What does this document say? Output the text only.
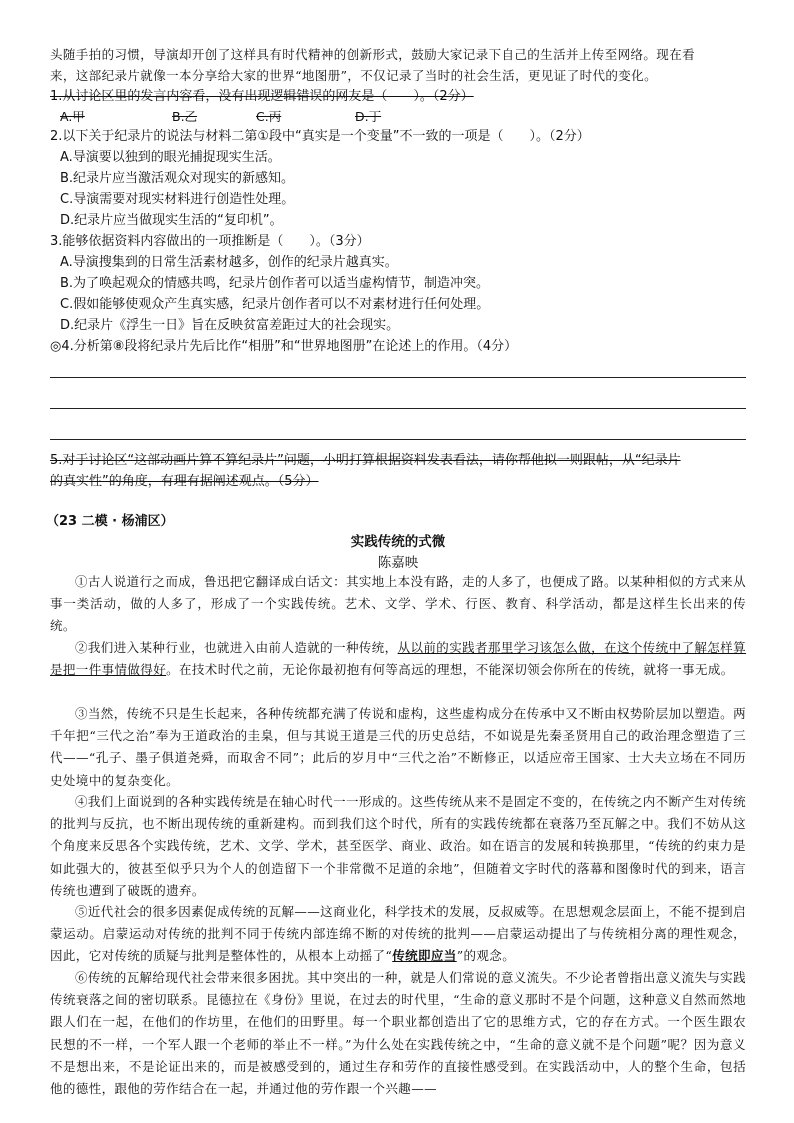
头随手拍的习惯，导演却开创了这样具有时代精神的创新形式，鼓励大家记录下自己的生活并上传至网络。现在看
来，这部纪录片就像一本分享给大家的世界“地图册”，不仅记录了当时的社会生活，更见证了时代的变化。
1.从讨论区里的发言内容看，没有出现逻辑错误的网友是（　　）。（2分）
A.甲	B.乙	C.丙	D.丁
2.以下关于纪录片的说法与材料二第①段中“真实是一个变量”不一致的一项是（　　）。（2分）
A.导演要以独到的眼光捕捉现实生活。
B.纪录片应当激活观众对现实的新感知。
C.导演需要对现实材料进行创造性处理。
D.纪录片应当做现实生活的“复印机”。
3.能够依据资料内容做出的一项推断是（　　）。（3分）
A.导演搜集到的日常生活素材越多，创作的纪录片越真实。
B.为了唤起观众的情感共鸣，纪录片创作者可以适当虚构情节，制造冲突。
C.假如能够使观众产生真实感，纪录片创作者可以不对素材进行任何处理。
D.纪录片《浮生一日》旨在反映贫富差距过大的社会现实。
◎4.分析第⑧段将纪录片先后比作“相册”和“世界地图册”在论述上的作用。（4分）
5.对于讨论区“这部动画片算不算纪录片”问题，小明打算根据资料发表看法，请你帮他拟一则跟帖，从“纪录片
的真实性”的角度，有理有据阐述观点。（5分）
（23 二模 · 杨浦区）
实践传统的式微
陈嘉映
①古人说道行之而成，鲁迅把它翻译成白话文：其实地上本没有路，走的人多了，也便成了路。以某种相似的方式来从事一类活动，做的人多了，形成了一个实践传统。艺术、文学、学术、行医、教育、科学活动，都是这样生长出来的传统。
②我们进入某种行业，也就进入由前人造就的一种传统，从以前的实践者那里学习该怎么做，在这个传统中了解怎样算是把一件事情做得好。在技术时代之前，无论你最初抱有何等高远的理想，不能深切领会你所在的传统，就将一事无成。
③当然，传统不只是生长起来，各种传统都充满了传说和虚构，这些虚构成分在传承中又不断由权势阶层加以塑造。两千年把“三代之治”奉为王道政治的圭臬，但与其说王道是三代的历史总结，不如说是先秦圣贤用自己的政治理念塑造了三代——“孔子、墨子俱道尧舜，而取舍不同”；此后的岁月中“三代之治”不断修正，以适应帝王国家、士大夫立场在不同历史处境中的复杂变化。
④我们上面说到的各种实践传统是在轴心时代一一形成的。这些传统从来不是固定不变的，在传统之内不断产生对传统的批判与反抗，也不断出现传统的重新建构。而到我们这个时代，所有的实践传统都在衰落乃至瓦解之中。我们不妨从这个角度来反思各个实践传统，艺术、文学、学术，甚至医学、商业、政治。如在语言的发展和转换那里，“传统的约束力是如此强大的，彼甚至似乎只为个人的创造留下一个非常微不足道的余地”，但随着文字时代的落幕和图像时代的到来，语言传统也遭到了破既的遗弃。
⑤近代社会的很多因素促成传统的瓦解——这商业化，科学技术的发展，反叔威等。在思想观念层面上，不能不提到启蒙运动。启蒙运动对传统的批判不同于传统内部连绵不断的对传统的批判——启蒙运动提出了与传统相分离的理性观念，因此，它对传统的质疑与批判是整体性的，从根本上动摇了“传统即应当”的观念。
⑥传统的瓦解给现代社会带来很多困扰。其中突出的一种，就是人们常说的意义流失。不少论者曾指出意义流失与实践传统衰落之间的密切联系。昆德拉在《身份》里说，在过去的时代里，“生命的意义那时不是个问题，这种意义自然而然地跟人们在一起，在他们的作坊里，在他们的田野里。每一个职业都创造出了它的思维方式，它的存在方式。一个医生跟农民想的不一样，一个军人跟一个老师的举止不一样。”为什么处在实践传统之中，“生命的意义就不是个问题”呢？因为意义不是想出来，不是论证出来的，而是被感受到的，通过生存和劳作的直接性感受到。在实践活动中，人的整个生命，包括他的德性，跟他的劳作结合在一起，并通过他的劳作跟一个兴趣——
